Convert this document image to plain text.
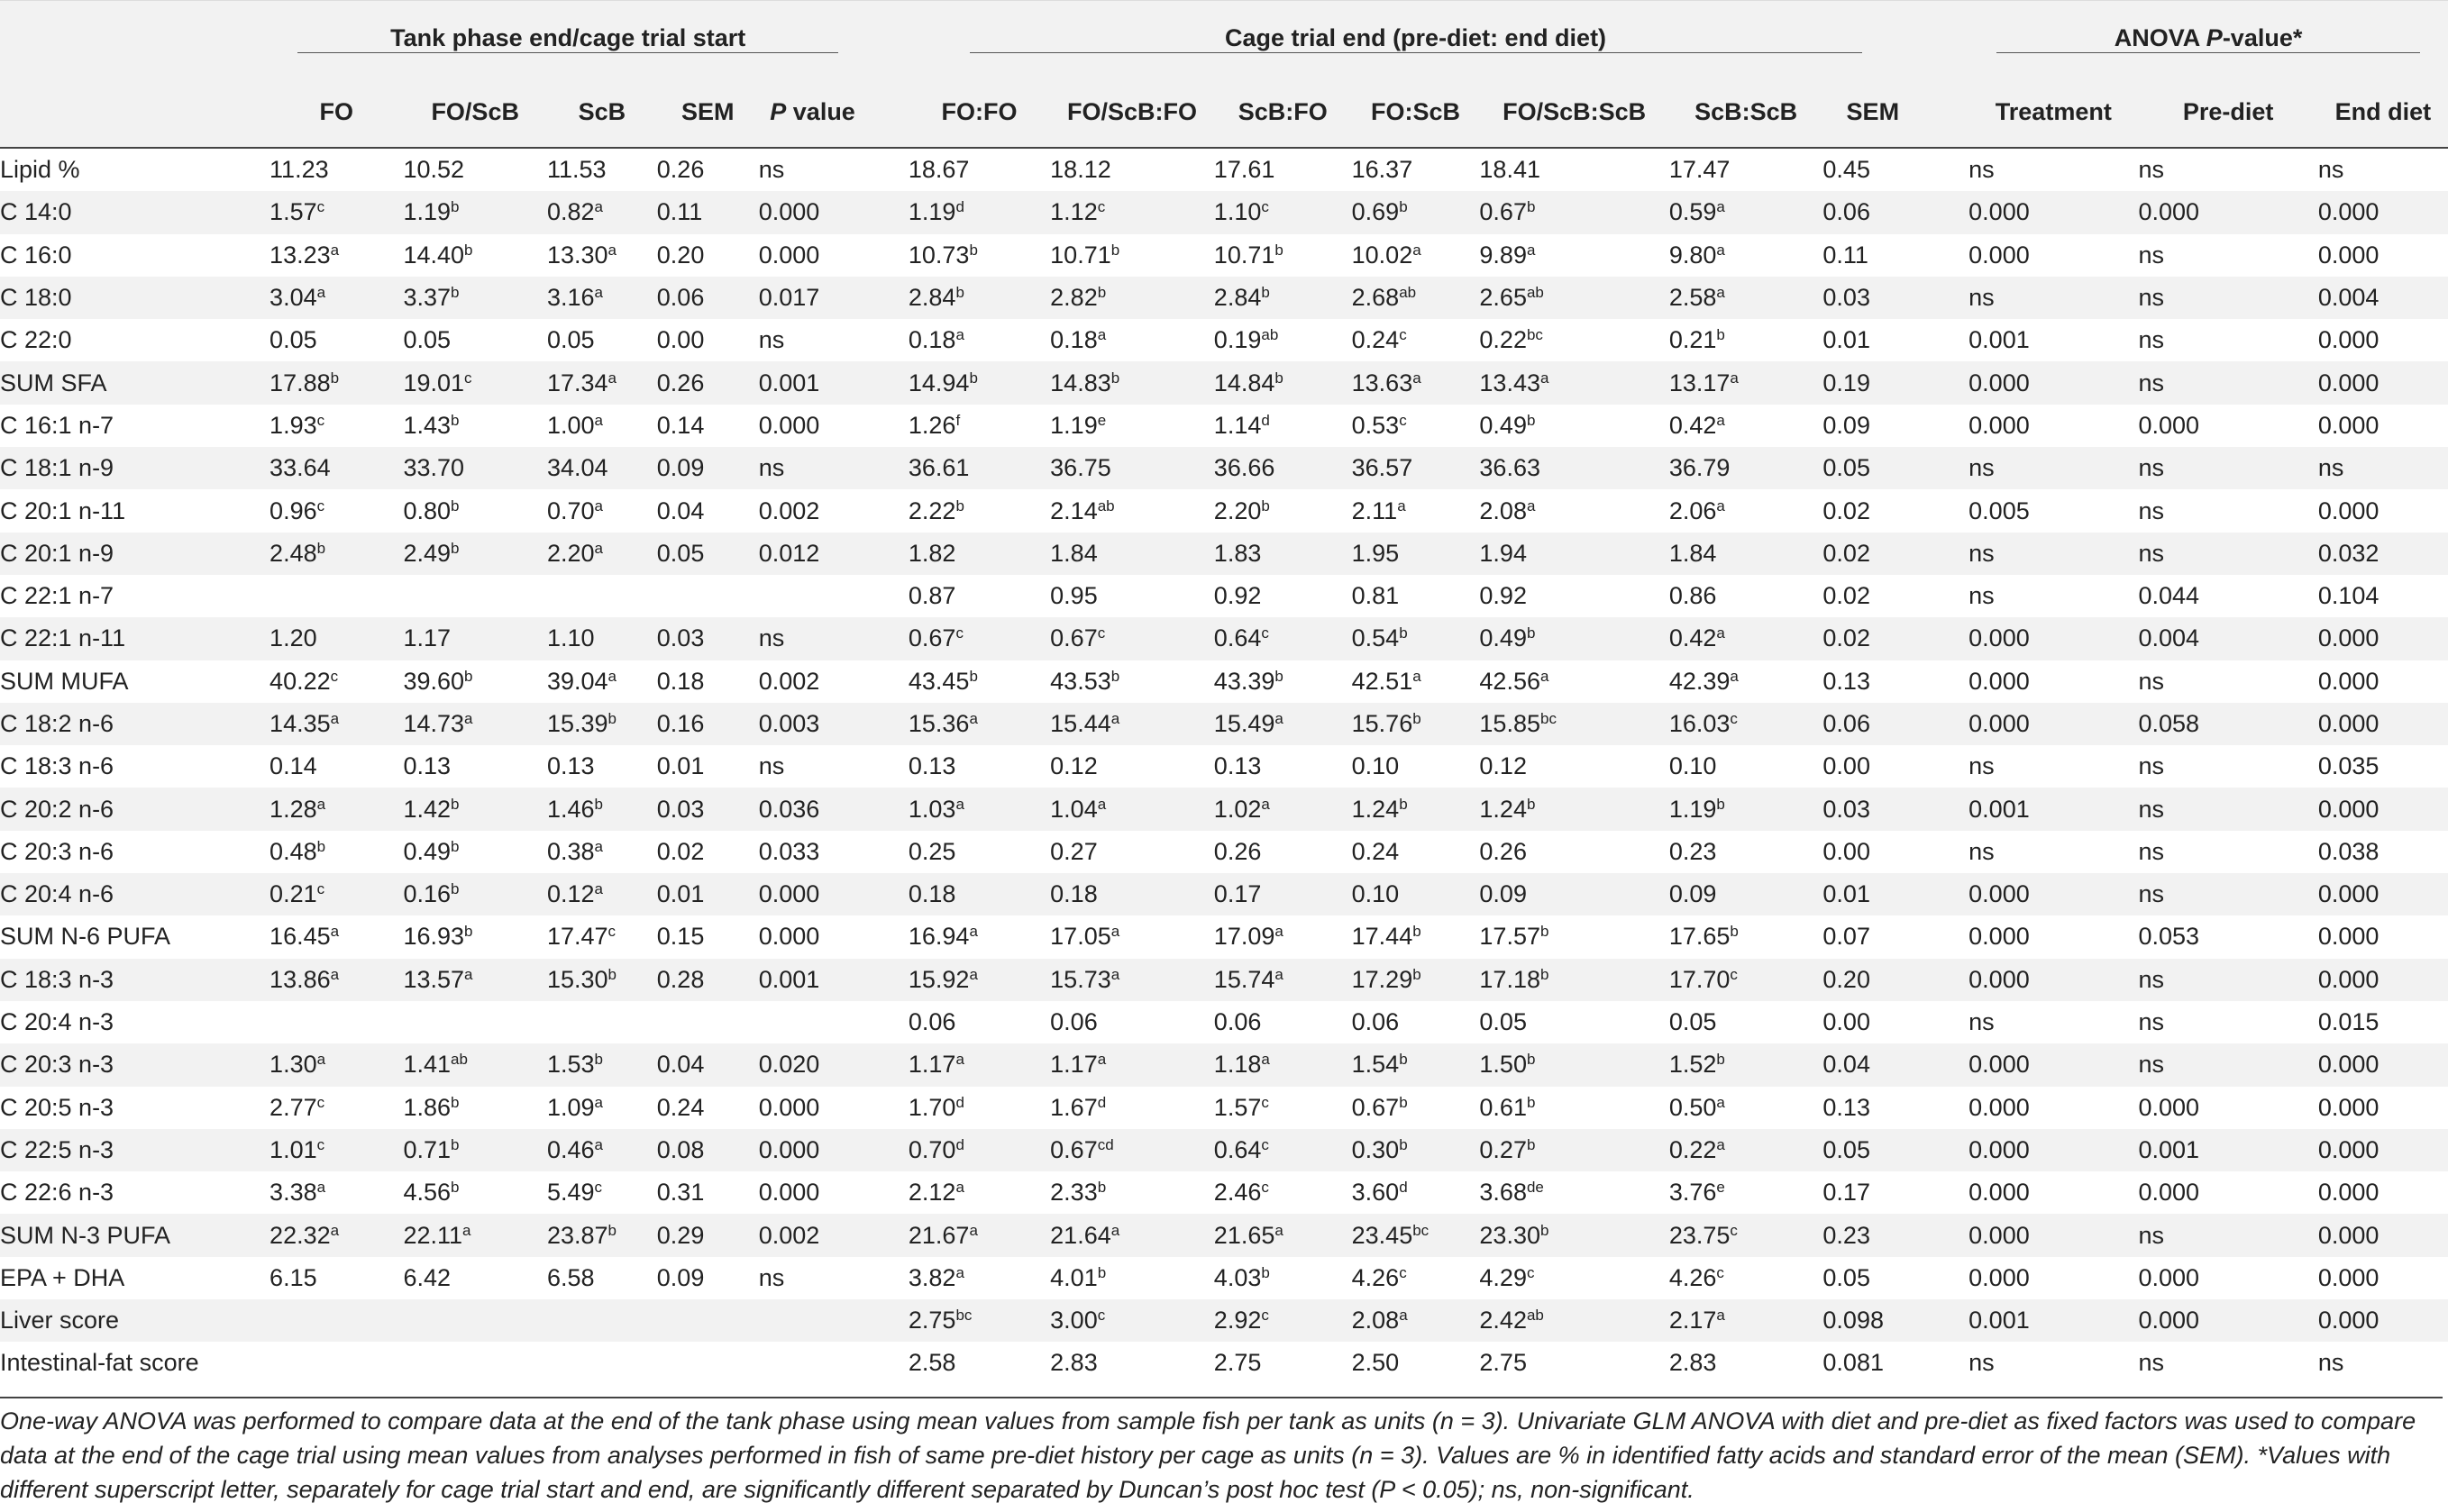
	Tank phase end/cage trial start						Cage trial end (pre-diet: end diet)								ANOVA P-value*		

	FO	FO/ScB	ScB	SEM	P value		FO:FO	FO/ScB:FO	ScB:FO	FO:ScB	FO/ScB:ScB	ScB:ScB	SEM		Treatment	Pre-diet	End diet
Lipid %	11.23	10.52	11.53	0.26	ns		18.67	18.12	17.61	16.37	18.41	17.47	0.45		ns	ns	ns
C 14:0	1.57$^c$	1.19$^b$	0.82$^a$	0.11	0.000		1.19$^d$	1.12$^c$	1.10$^c$	0.69$^b$	0.67$^b$	0.59$^a$	0.06		0.000	0.000	0.000
C 16:0	13.23$^a$	14.40$^b$	13.30$^a$	0.20	0.000		10.73$^b$	10.71$^b$	10.71$^b$	10.02$^a$	9.89$^a$	9.80$^a$	0.11		0.000	ns	0.000
C 18:0	3.04$^a$	3.37$^b$	3.16$^a$	0.06	0.017		2.84$^b$	2.82$^b$	2.84$^b$	2.68$^{ab}$	2.65$^{ab}$	2.58$^a$	0.03		ns	ns	0.004
C 22:0	0.05	0.05	0.05	0.00	ns		0.18$^a$	0.18$^a$	0.19$^{ab}$	0.24$^c$	0.22$^{bc}$	0.21$^b$	0.01		0.001	ns	0.000
SUM SFA	17.88$^b$	19.01$^c$	17.34$^a$	0.26	0.001		14.94$^b$	14.83$^b$	14.84$^b$	13.63$^a$	13.43$^a$	13.17$^a$	0.19		0.000	ns	0.000
C 16:1 n-7	1.93$^c$	1.43$^b$	1.00$^a$	0.14	0.000		1.26$^f$	1.19e	1.14$^d$	0.53$^c$	0.49$^b$	0.42$^a$	0.09		0.000	0.000	0.000
C 18:1 n-9	33.64	33.70	34.04	0.09	ns		36.61	36.75	36.66	36.57	36.63	36.79	0.05		ns	ns	ns
C 20:1 n-11	0.96$^c$	0.80$^b$	0.70$^a$	0.04	0.002		2.22$^b$	2.14$^{ab}$	2.20$^b$	2.11$^a$	2.08$^a$	2.06$^a$	0.02		0.005	ns	0.000
C 20:1 n-9	2.48$^b$	2.49$^b$	2.20$^a$	0.05	0.012		1.82	1.84	1.83	1.95	1.94	1.84	0.02		ns	ns	0.032
C 22:1 n-7							0.87	0.95	0.92	0.81	0.92	0.86	0.02		ns	0.044	0.104
C 22:1 n-11	1.20	1.17	1.10	0.03	ns		0.67$^c$	0.67$^c$	0.64$^c$	0.54$^b$	0.49$^b$	0.42$^a$	0.02		0.000	0.004	0.000
SUM MUFA	40.22$^c$	39.60$^b$	39.04$^a$	0.18	0.002		43.45$^b$	43.53$^b$	43.39$^b$	42.51$^a$	42.56$^a$	42.39$^a$	0.13		0.000	ns	0.000
C 18:2 n-6	14.35$^a$	14.73$^a$	15.39$^b$	0.16	0.003		15.36$^a$	15.44$^a$	15.49$^a$	15.76$^b$	15.85$^{bc}$	16.03$^c$	0.06		0.000	0.058	0.000
C 18:3 n-6	0.14	0.13	0.13	0.01	ns		0.13	0.12	0.13	0.10	0.12	0.10	0.00		ns	ns	0.035
C 20:2 n-6	1.28$^a$	1.42$^b$	1.46$^b$	0.03	0.036		1.03$^a$	1.04$^a$	1.02$^a$	1.24$^b$	1.24$^b$	1.19$^b$	0.03		0.001	ns	0.000
C 20:3 n-6	0.48$^b$	0.49$^b$	0.38$^a$	0.02	0.033		0.25	0.27	0.26	0.24	0.26	0.23	0.00		ns	ns	0.038
C 20:4 n-6	0.21$^c$	0.16$^b$	0.12$^a$	0.01	0.000		0.18	0.18	0.17	0.10	0.09	0.09	0.01		0.000	ns	0.000
SUM N-6 PUFA	16.45$^a$	16.93$^b$	17.47$^c$	0.15	0.000		16.94$^a$	17.05$^a$	17.09$^a$	17.44$^b$	17.57$^b$	17.65$^b$	0.07		0.000	0.053	0.000
C 18:3 n-3	13.86$^a$	13.57$^a$	15.30$^b$	0.28	0.001		15.92$^a$	15.73$^a$	15.74$^a$	17.29$^b$	17.18$^b$	17.70$^c$	0.20		0.000	ns	0.000
C 20:4 n-3							0.06	0.06	0.06	0.06	0.05	0.05	0.00		ns	ns	0.015
C 20:3 n-3	1.30$^a$	1.41$^{ab}$	1.53$^b$	0.04	0.020		1.17$^a$	1.17$^a$	1.18$^a$	1.54$^b$	1.50$^b$	1.52$^b$	0.04		0.000	ns	0.000
C 20:5 n-3	2.77$^c$	1.86$^b$	1.09$^a$	0.24	0.000		1.70$^d$	1.67$^d$	1.57$^c$	0.67$^b$	0.61$^b$	0.50$^a$	0.13		0.000	0.000	0.000
C 22:5 n-3	1.01$^c$	0.71$^b$	0.46$^a$	0.08	0.000		0.70$^d$	0.67$^{cd}$	0.64$^c$	0.30$^b$	0.27$^b$	0.22$^a$	0.05		0.000	0.001	0.000
C 22:6 n-3	3.38$^a$	4.56$^b$	5.49$^c$	0.31	0.000		2.12$^a$	2.33$^b$	2.46$^c$	3.60$^d$	3.68de	3.76e	0.17		0.000	0.000	0.000
SUM N-3 PUFA	22.32$^a$	22.11$^a$	23.87$^b$	0.29	0.002		21.67$^a$	21.64$^a$	21.65$^a$	23.45$^{bc}$	23.30$^b$	23.75$^c$	0.23		0.000	ns	0.000
EPA + DHA	6.15	6.42	6.58	0.09	ns		3.82$^a$	4.01$^b$	4.03$^b$	4.26$^c$	4.29$^c$	4.26$^c$	0.05		0.000	0.000	0.000
Liver score							2.75$^{bc}$	3.00$^c$	2.92$^c$	2.08$^a$	2.42$^{ab}$	2.17$^a$	0.098		0.001	0.000	0.000
Intestinal-fat score							2.58	2.83	2.75	2.50	2.75	2.83	0.081		ns	ns	ns
One-way ANOVA was performed to compare data at the end of the tank phase using mean values from sample fish per tank as units (n = 3). Univariate GLM ANOVA with diet and pre-diet as fixed factors was used to compare data at the end of the cage trial using mean values from analyses performed in fish of same pre-diet history per cage as units (n = 3). Values are % in identified fatty acids and standard error of the mean (SEM). *Values with different superscript letter, separately for cage trial start and end, are significantly different separated by Duncan’s post hoc test (P < 0.05); ns, non-significant.
